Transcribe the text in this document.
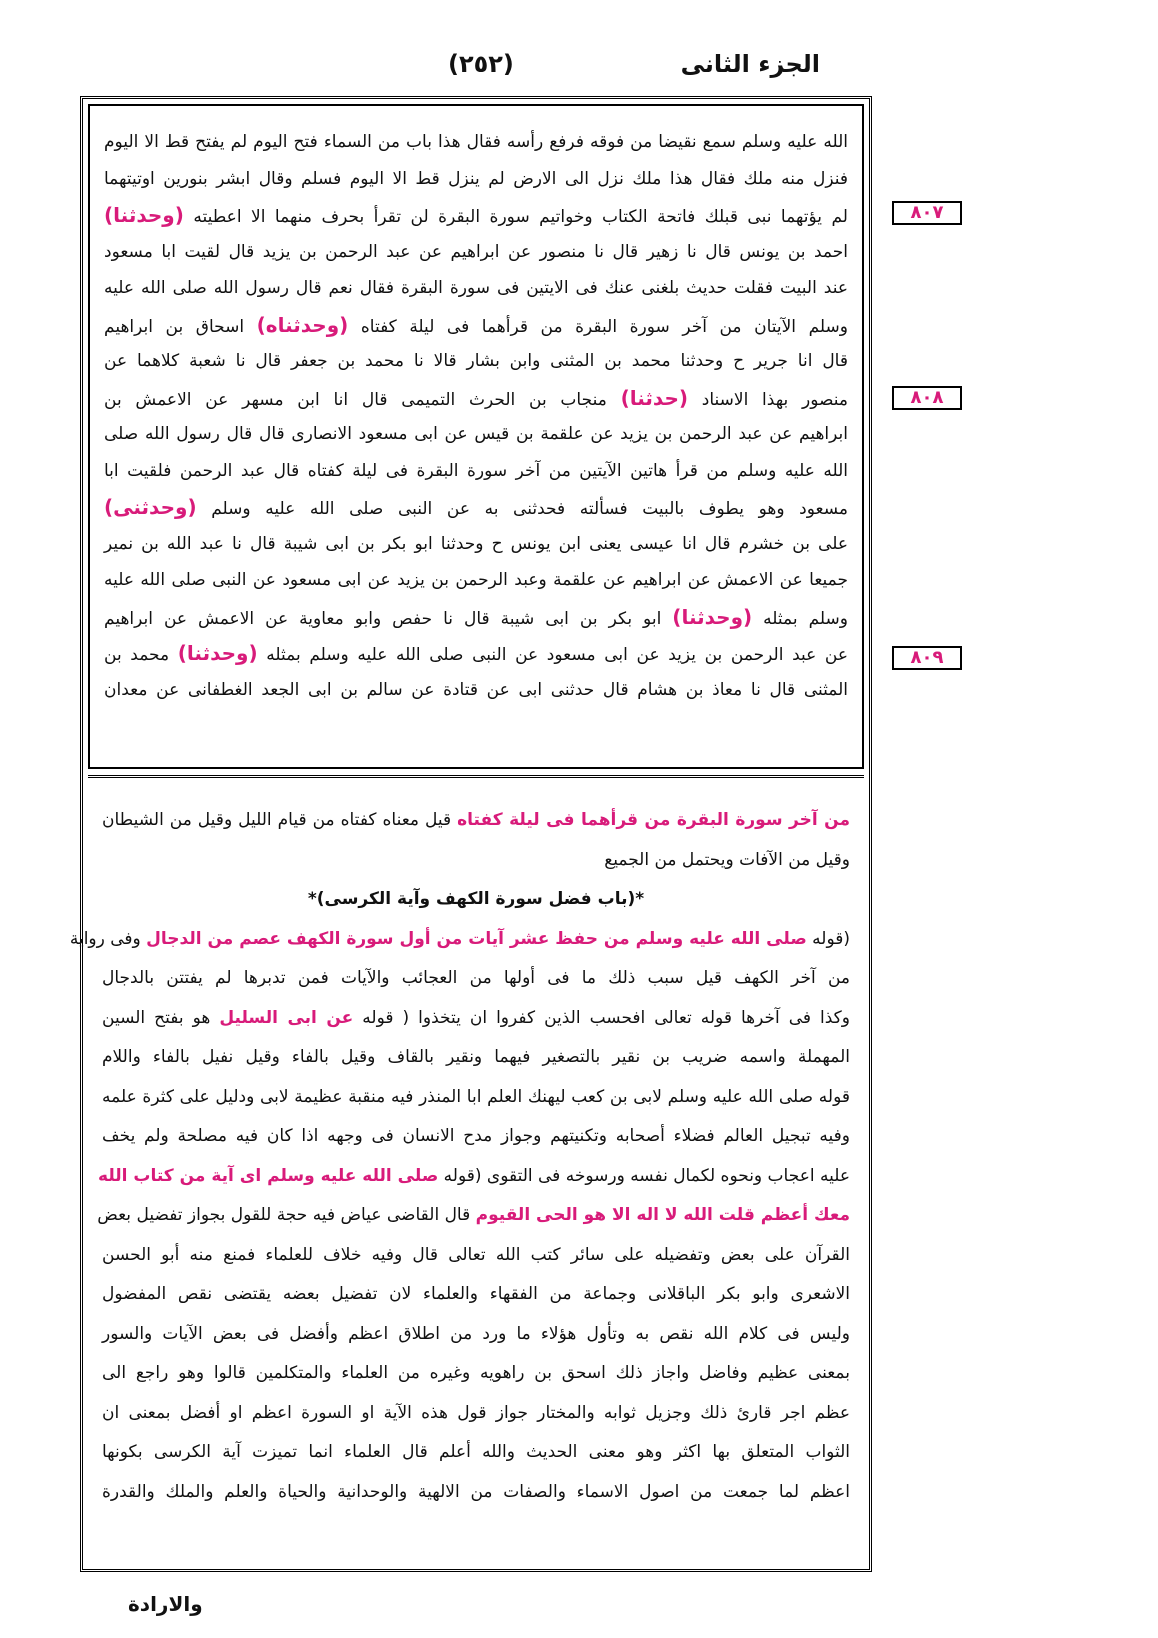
الجزء الثانى
(٢٥٢)
٨٠٧
٨٠٨
٨٠٩
الله عليه وسلم سمع نقيضا من فوقه فرفع رأسه فقال هذا باب من السماء فتح اليوم لم يفتح قط الا اليوم
فنزل منه ملك فقال هذا ملك نزل الى الارض لم ينزل قط الا اليوم فسلم وقال ابشر بنورين اوتيتهما
لم يؤتهما نبى قبلك فاتحة الكتاب وخواتيم سورة البقرة لن تقرأ بحرف منهما الا اعطيته (وحدثنا)
احمد بن يونس قال نا زهير قال نا منصور عن ابراهيم عن عبد الرحمن بن يزيد قال لقيت ابا مسعود
عند البيت فقلت حديث بلغنى عنك فى الايتين فى سورة البقرة فقال نعم قال رسول الله صلى الله عليه
وسلم الآيتان من آخر سورة البقرة من قرأهما فى ليلة كفتاه (وحدثناه) اسحاق بن ابراهيم
قال انا جرير ح وحدثنا محمد بن المثنى وابن بشار قالا نا محمد بن جعفر قال نا شعبة كلاهما عن
منصور بهذا الاسناد (حدثنا) منجاب بن الحرث التميمى قال انا ابن مسهر عن الاعمش بن
ابراهيم عن عبد الرحمن بن يزيد عن علقمة بن قيس عن ابى مسعود الانصارى قال قال رسول الله صلى
الله عليه وسلم من قرأ هاتين الآيتين من آخر سورة البقرة فى ليلة كفتاه قال عبد الرحمن فلقيت ابا
مسعود وهو يطوف بالبيت فسألته فحدثنى به عن النبى صلى الله عليه وسلم (وحدثنى)
على بن خشرم قال انا عيسى يعنى ابن يونس ح وحدثنا ابو بكر بن ابى شيبة قال نا عبد الله بن نمير
جميعا عن الاعمش عن ابراهيم عن علقمة وعبد الرحمن بن يزيد عن ابى مسعود عن النبى صلى الله عليه
وسلم بمثله (وحدثنا) ابو بكر بن ابى شيبة قال نا حفص وابو معاوية عن الاعمش عن ابراهيم
عن عبد الرحمن بن يزيد عن ابى مسعود عن النبى صلى الله عليه وسلم بمثله (وحدثنا) محمد بن
المثنى قال نا معاذ بن هشام قال حدثنى ابى عن قتادة عن سالم بن ابى الجعد الغطفانى عن معدان
من آخر سورة البقرة من قرأهما فى ليلة كفتاه قيل معناه كفتاه من قيام الليل وقيل من الشيطان
وقيل من الآفات ويحتمل من الجميع
*(باب فضل سورة الكهف وآية الكرسى)*
(قوله صلى الله عليه وسلم من حفظ عشر آيات من أول سورة الكهف عصم من الدجال وفى رواية
من آخر الكهف قيل سبب ذلك ما فى أولها من العجائب والآيات فمن تدبرها لم يفتتن بالدجال
وكذا فى آخرها قوله تعالى افحسب الذين كفروا ان يتخذوا ( قوله عن ابى السليل هو بفتح السين
المهملة واسمه ضريب بن نقير بالتصغير فيهما ونقير بالقاف وقيل بالفاء وقيل نفيل بالفاء واللام
قوله صلى الله عليه وسلم لابى بن كعب ليهنك العلم ابا المنذر فيه منقبة عظيمة لابى ودليل على كثرة علمه
وفيه تبجيل العالم فضلاء أصحابه وتكنيتهم وجواز مدح الانسان فى وجهه اذا كان فيه مصلحة ولم يخف
عليه اعجاب ونحوه لكمال نفسه ورسوخه فى التقوى (قوله صلى الله عليه وسلم اى آية من كتاب الله
معك أعظم قلت الله لا اله الا هو الحى القيوم قال القاضى عياض فيه حجة للقول بجواز تفضيل بعض
القرآن على بعض وتفضيله على سائر كتب الله تعالى قال وفيه خلاف للعلماء فمنع منه أبو الحسن
الاشعرى وابو بكر الباقلانى وجماعة من الفقهاء والعلماء لان تفضيل بعضه يقتضى نقص المفضول
وليس فى كلام الله نقص به وتأول هؤلاء ما ورد من اطلاق اعظم وأفضل فى بعض الآيات والسور
بمعنى عظيم وفاضل واجاز ذلك اسحق بن راهويه وغيره من العلماء والمتكلمين قالوا وهو راجع الى
عظم اجر قارئ ذلك وجزيل ثوابه والمختار جواز قول هذه الآية او السورة اعظم او أفضل بمعنى ان
الثواب المتعلق بها اكثر وهو معنى الحديث والله أعلم قال العلماء انما تميزت آية الكرسى بكونها
اعظم لما جمعت من اصول الاسماء والصفات من الالهية والوحدانية والحياة والعلم والملك والقدرة
والارادة
